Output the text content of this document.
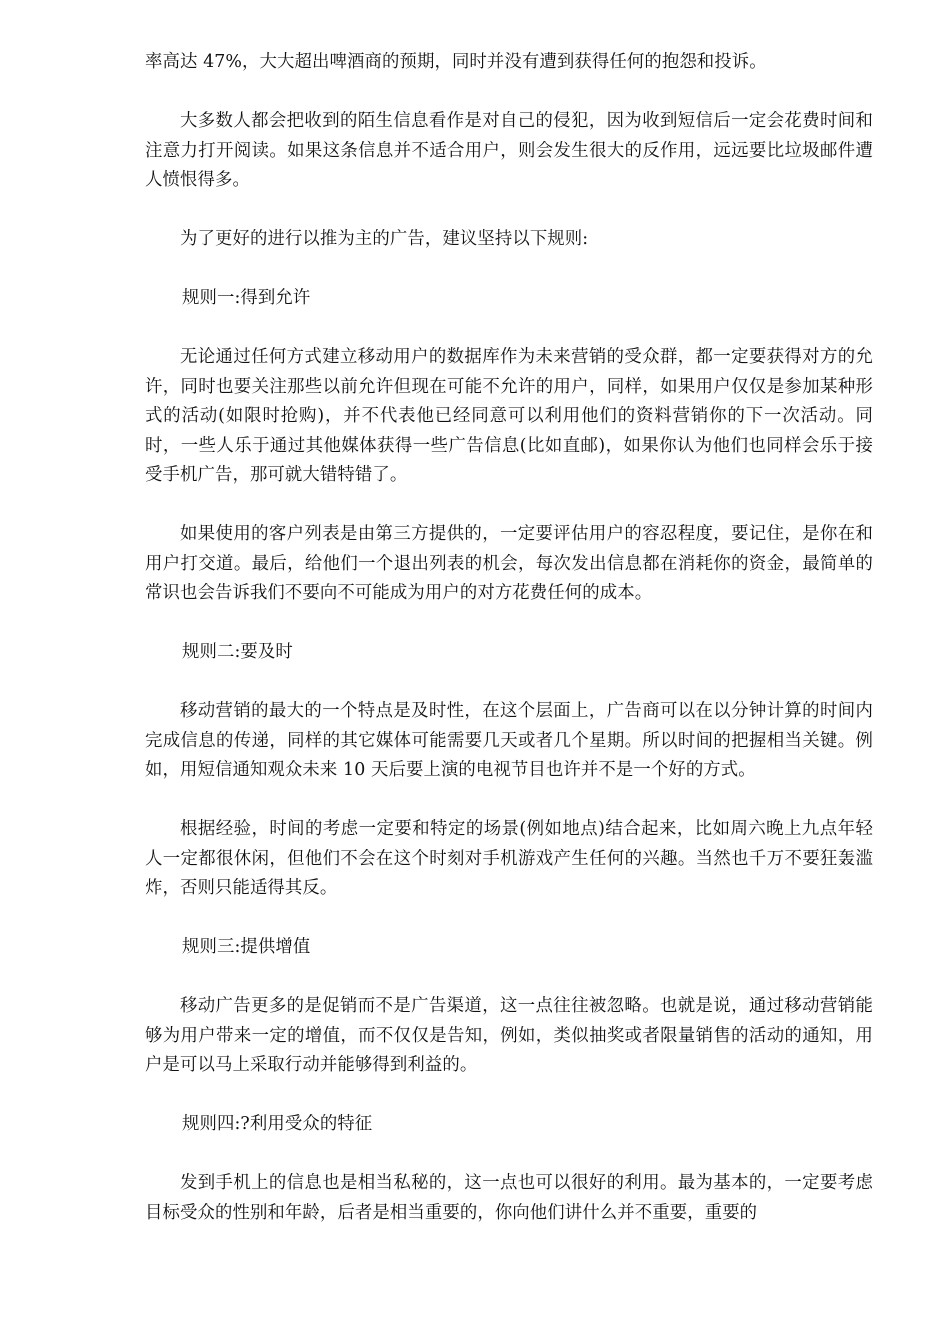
率高达 47%，大大超出啤酒商的预期，同时并没有遭到获得任何的抱怨和投诉。

大多数人都会把收到的陌生信息看作是对自己的侵犯，因为收到短信后一定会花费时间和注意力打开阅读。如果这条信息并不适合用户，则会发生很大的反作用，远远要比垃圾邮件遭人愤恨得多。

为了更好的进行以推为主的广告，建议坚持以下规则:

规则一:得到允许

无论通过任何方式建立移动用户的数据库作为未来营销的受众群，都一定要获得对方的允许，同时也要关注那些以前允许但现在可能不允许的用户，同样，如果用户仅仅是参加某种形式的活动(如限时抢购)，并不代表他已经同意可以利用他们的资料营销你的下一次活动。同时，一些人乐于通过其他媒体获得一些广告信息(比如直邮)，如果你认为他们也同样会乐于接受手机广告，那可就大错特错了。

如果使用的客户列表是由第三方提供的，一定要评估用户的容忍程度，要记住，是你在和用户打交道。最后，给他们一个退出列表的机会，每次发出信息都在消耗你的资金，最简单的常识也会告诉我们不要向不可能成为用户的对方花费任何的成本。

规则二:要及时

移动营销的最大的一个特点是及时性，在这个层面上，广告商可以在以分钟计算的时间内完成信息的传递，同样的其它媒体可能需要几天或者几个星期。所以时间的把握相当关键。例如，用短信通知观众未来 10 天后要上演的电视节目也许并不是一个好的方式。

根据经验，时间的考虑一定要和特定的场景(例如地点)结合起来，比如周六晚上九点年轻人一定都很休闲，但他们不会在这个时刻对手机游戏产生任何的兴趣。当然也千万不要狂轰滥炸，否则只能适得其反。

规则三:提供增值

移动广告更多的是促销而不是广告渠道，这一点往往被忽略。也就是说，通过移动营销能够为用户带来一定的增值，而不仅仅是告知，例如，类似抽奖或者限量销售的活动的通知，用户是可以马上采取行动并能够得到利益的。

规则四:?利用受众的特征

发到手机上的信息也是相当私秘的，这一点也可以很好的利用。最为基本的，一定要考虑目标受众的性别和年龄，后者是相当重要的，你向他们讲什么并不重要，重要的
